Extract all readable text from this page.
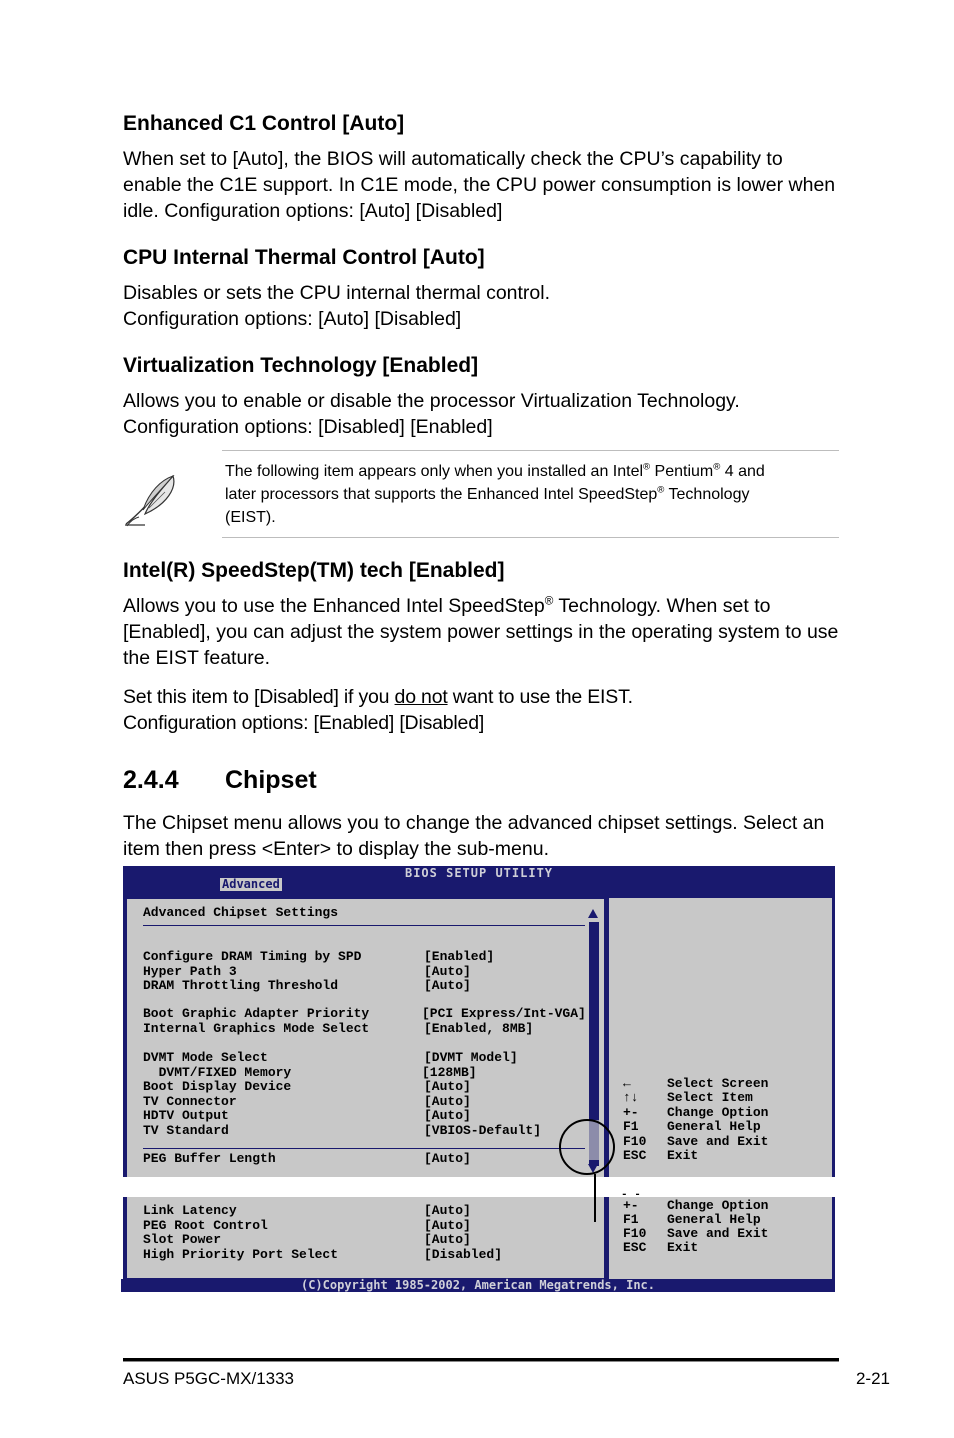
Enhanced C1 Control [Auto]
When set to [Auto], the BIOS will automatically check the CPU’s capability to
enable the C1E support. In C1E mode, the CPU power consumption is lower when
idle. Configuration options: [Auto] [Disabled]
CPU Internal Thermal Control [Auto]
Disables or sets the CPU internal thermal control.
Configuration options: [Auto] [Disabled]
Virtualization Technology [Enabled]
Allows you to enable or disable the processor Virtualization Technology.
Configuration options: [Disabled] [Enabled]
The following item appears only when you installed an Intel® Pentium® 4 and
later processors that supports the Enhanced Intel SpeedStep® Technology
(EIST).
Intel(R) SpeedStep(TM) tech [Enabled]
Allows you to use the Enhanced Intel SpeedStep® Technology. When set to
[Enabled], you can adjust the system power settings in the operating system to use
the EIST feature.
Set this item to [Disabled] if you do not want to use the EIST.
Configuration options: [Enabled] [Disabled]
2.4.4 Chipset
The Chipset menu allows you to change the advanced chipset settings. Select an
item then press <Enter> to display the sub-menu.
BIOS SETUP UTILITY
Advanced
Advanced Chipset Settings
Configure DRAM Timing by SPD	[Enabled]
Hyper Path 3	[Auto]
DRAM Throttling Threshold	[Auto]
Boot Graphic Adapter Priority	[PCI Express/Int-VGA]
Internal Graphics Mode Select	[Enabled, 8MB]
DVMT Mode Select	[DVMT Model]
DVMT/FIXED Memory	[128MB]
Boot Display Device	[Auto]
TV Connector	[Auto]
HDTV Output	[Auto]
TV Standard	[VBIOS-Default]
PEG Buffer Length	[Auto]
Link Latency	[Auto]
PEG Root Control	[Auto]
Slot Power	[Auto]
High Priority Port Select	[Disabled]
←	Select Screen
↑↓ Select Item
+- Change Option
F1 General Help
F10 Save and Exit
ESC Exit
- -
+- Change Option
F1 General Help
F10 Save and Exit
ESC Exit
(C)Copyright 1985-2002, American Megatrends, Inc.
ASUS P5GC-MX/1333	2-21
